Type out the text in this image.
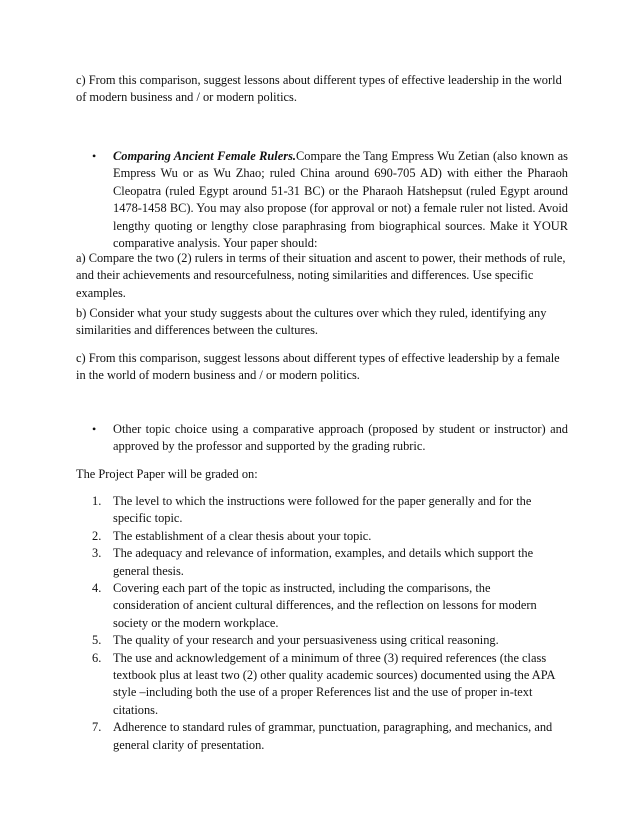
c) From this comparison, suggest lessons about different types of effective leadership in the world of modern business and / or modern politics.

• Comparing Ancient Female Rulers.Compare the Tang Empress Wu Zetian (also known as Empress Wu or as Wu Zhao; ruled China around 690-705 AD) with either the Pharaoh Cleopatra (ruled Egypt around 51-31 BC) or the Pharaoh Hatshepsut (ruled Egypt around 1478-1458 BC). You may also propose (for approval or not) a female ruler not listed. Avoid lengthy quoting or lengthy close paraphrasing from biographical sources. Make it YOUR comparative analysis. Your paper should:

a) Compare the two (2) rulers in terms of their situation and ascent to power, their methods of rule, and their achievements and resourcefulness, noting similarities and differences. Use specific examples.

b) Consider what your study suggests about the cultures over which they ruled, identifying any similarities and differences between the cultures.

c) From this comparison, suggest lessons about different types of effective leadership by a female in the world of modern business and / or modern politics.

• Other topic choice using a comparative approach (proposed by student or instructor) and approved by the professor and supported by the grading rubric.

The Project Paper will be graded on:

1. The level to which the instructions were followed for the paper generally and for the specific topic.
2. The establishment of a clear thesis about your topic.
3. The adequacy and relevance of information, examples, and details which support the general thesis.
4. Covering each part of the topic as instructed, including the comparisons, the consideration of ancient cultural differences, and the reflection on lessons for modern society or the modern workplace.
5. The quality of your research and your persuasiveness using critical reasoning.
6. The use and acknowledgement of a minimum of three (3) required references (the class textbook plus at least two (2) other quality academic sources) documented using the APA style –including both the use of a proper References list and the use of proper in-text citations.
7. Adherence to standard rules of grammar, punctuation, paragraphing, and mechanics, and general clarity of presentation.
